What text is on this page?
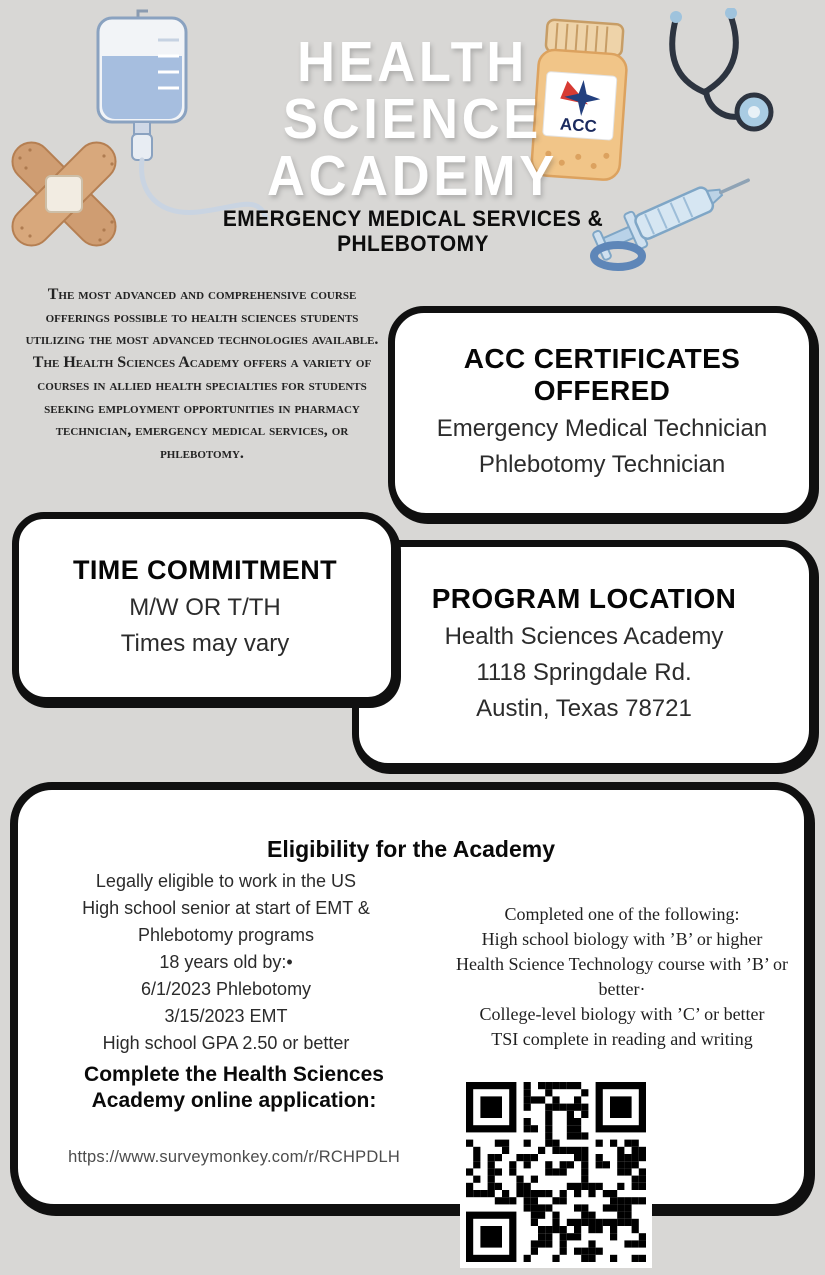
ACC
HEALTH
SCIENCE
ACADEMY
EMERGENCY MEDICAL SERVICES & PHLEBOTOMY
The most advanced and comprehensive course offerings possible to health sciences students utilizing the most advanced technologies available. The Health Sciences Academy offers a variety of courses in allied health specialties for students seeking employment opportunities in pharmacy technician, emergency medical services, or phlebotomy.
ACC CERTIFICATES OFFERED
Emergency Medical Technician
Phlebotomy Technician
TIME COMMITMENT
M/W OR T/TH
Times may vary
PROGRAM LOCATION
Health Sciences Academy
1118 Springdale Rd.
Austin, Texas 78721
Eligibility for the Academy
Legally eligible to work in the US
High school senior at start of EMT & Phlebotomy programs
18 years old by:•
6/1/2023 Phlebotomy
3/15/2023 EMT
High school GPA 2.50 or better
Completed one of the following:
High school biology with ’B’ or higher
Health Science Technology course with ’B’ or better·
College-level biology with ’C’ or better
TSI complete in reading and writing
Complete the Health Sciences Academy online application:
https://www.surveymonkey.com/r/RCHPDLH
